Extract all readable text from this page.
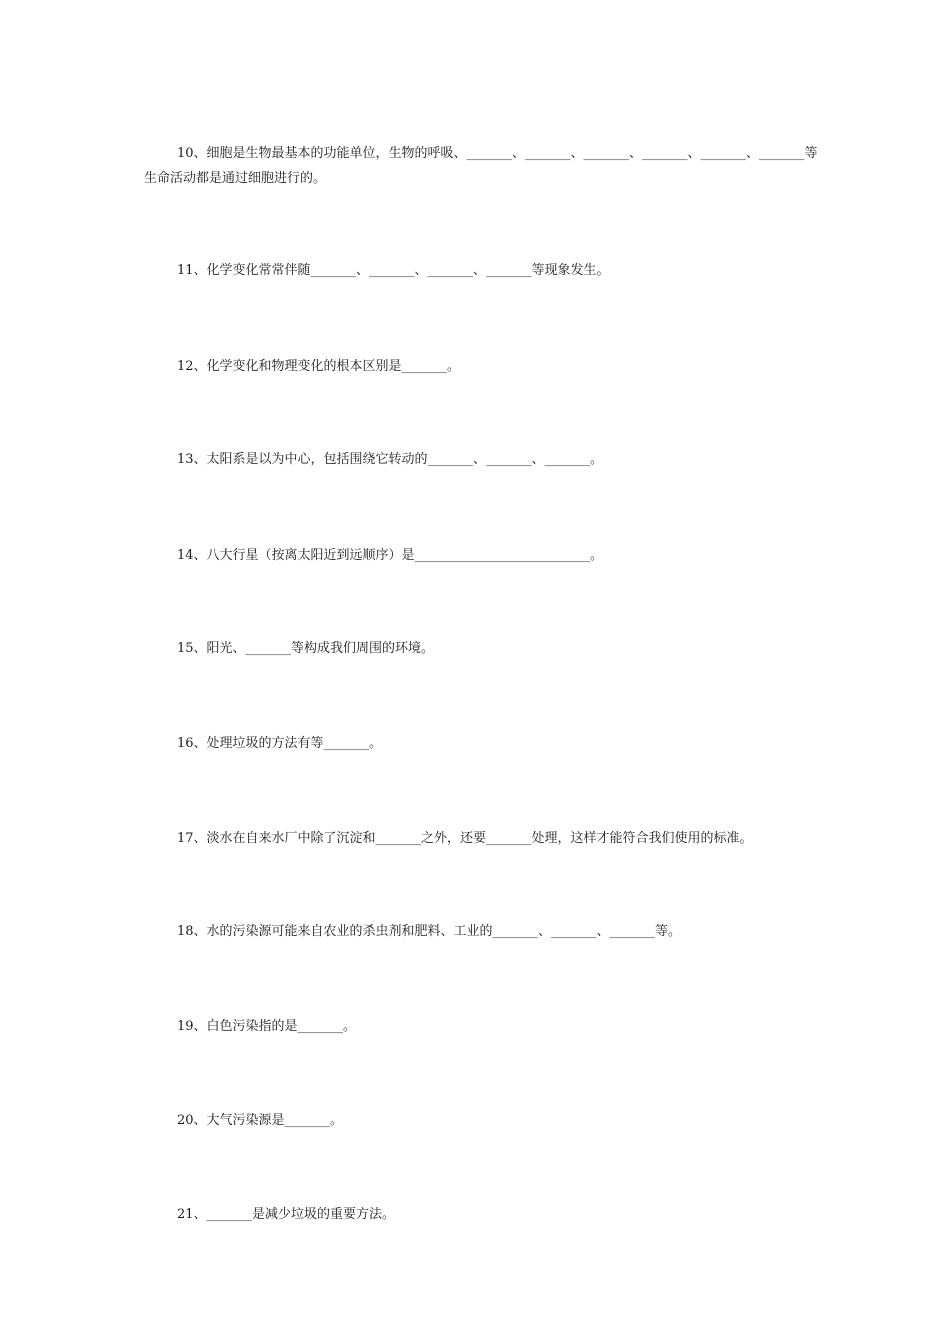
10、细胞是生物最基本的功能单位，生物的呼吸、_______、_______、_______、_______、_______、_______等生命活动都是通过细胞进行的。

11、化学变化常常伴随_______、_______、_______、_______等现象发生。

12、化学变化和物理变化的根本区别是_______。

13、太阳系是以为中心，包括围绕它转动的_______、_______、_______。

14、八大行星（按离太阳近到远顺序）是___________________________。

15、阳光、_______等构成我们周围的环境。

16、处理垃圾的方法有等_______。

17、淡水在自来水厂中除了沉淀和_______之外，还要_______处理，这样才能符合我们使用的标准。

18、水的污染源可能来自农业的杀虫剂和肥料、工业的_______、_______、_______等。

19、白色污染指的是_______。

20、大气污染源是_______。

21、_______是减少垃圾的重要方法。
